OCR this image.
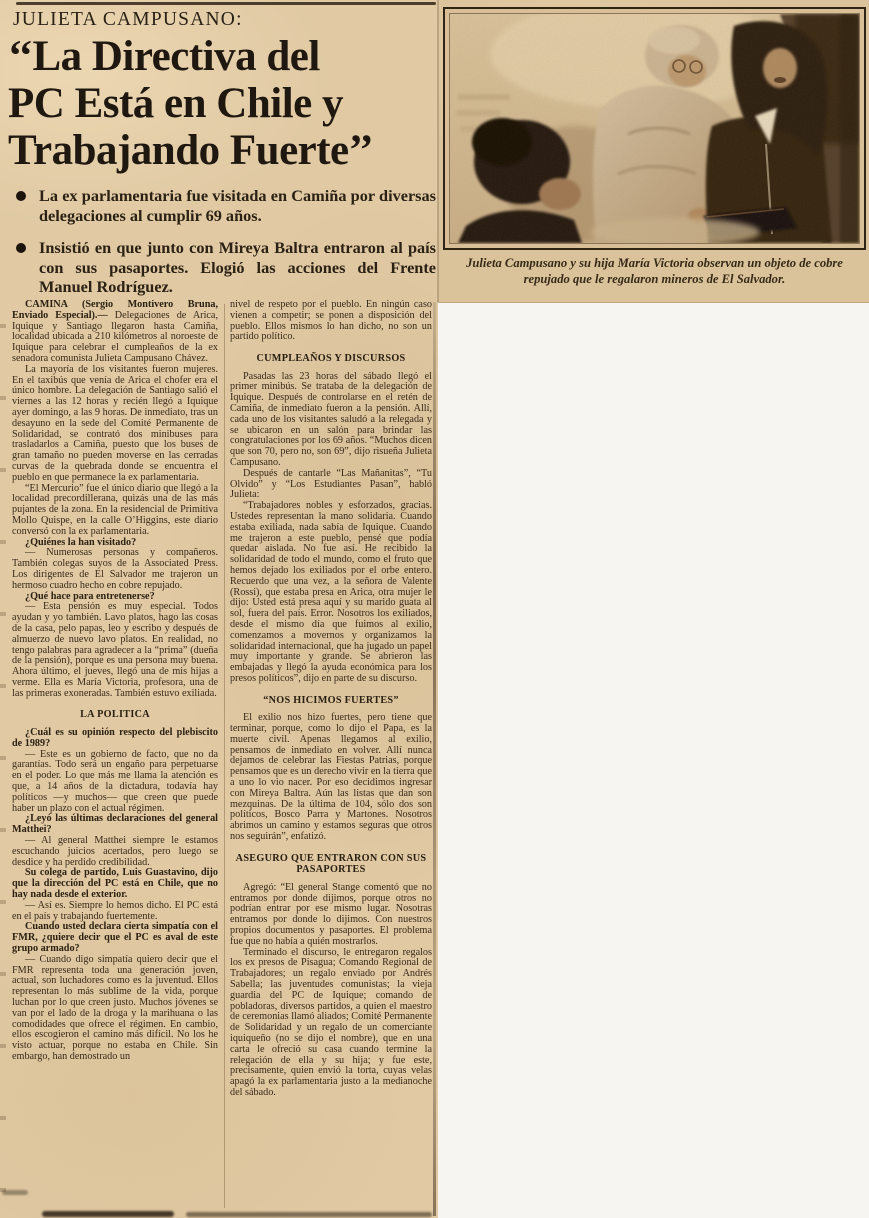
JULIETA CAMPUSANO:
‘‘La Directiva del
PC Está en Chile y
Trabajando Fuerte’’
La ex parlamentaria fue visitada en Camiña por diversas delegaciones al cumplir 69 años.
Insistió en que junto con Mireya Baltra entraron al país con sus pasaportes. Elogió las acciones del Frente Manuel Rodríguez.
Julieta Campusano y su hija María Victoria observan un objeto de cobre repujado que le regalaron mineros de El Salvador.

CAMIÑA (Sergio Montivero Bruna, Enviado Especial).— Delegaciones de Arica, Iquique y Santiago llegaron hasta Camiña, localidad ubicada a 210 kilómetros al noroeste de Iquique para celebrar el cumpleaños de la ex senadora comunista Julieta Campusano Chávez.

La mayoría de los visitantes fueron mujeres. En el taxibús que venía de Arica el chofer era el único hombre. La delegación de Santiago salió el viernes a las 12 horas y recién llegó a Iquique ayer domingo, a las 9 horas. De inmediato, tras un desayuno en la sede del Comité Permanente de Solidaridad, se contrató dos minibuses para trasladarlos a Camiña, puesto que los buses de gran tamaño no pueden moverse en las cerradas curvas de la quebrada donde se encuentra el pueblo en que permanece la ex parlamentaria.

“El Mercurio” fue el único diario que llegó a la localidad precordillerana, quizás una de las más pujantes de la zona. En la residencial de Primitiva Mollo Quispe, en la calle O’Higgins, este diario conversó con la ex parlamentaria.

¿Quiénes la han visitado?

— Numerosas personas y compañeros. También colegas suyos de la Associated Press. Los dirigentes de El Salvador me trajeron un hermoso cuadro hecho en cobre repujado.

¿Qué hace para entretenerse?

— Esta pensión es muy especial. Todos ayudan y yo también. Lavo platos, hago las cosas de la casa, pelo papas, leo y escribo y después de almuerzo de nuevo lavo platos. En realidad, no tengo palabras para agradecer a la “prima” (dueña de la pensión), porque es una persona muy buena. Ahora último, el jueves, llegó una de mis hijas a verme. Ella es María Victoria, profesora, una de las primeras exoneradas. También estuvo exiliada.

LA POLITICA

¿Cuál es su opinión respecto del plebiscito de 1989?

— Este es un gobierno de facto, que no da garantías. Todo será un engaño para perpetuarse en el poder. Lo que más me llama la atención es que, a 14 años de la dictadura, todavía hay políticos —y muchos— que creen que puede haber un plazo con el actual régimen.

¿Leyó las últimas declaraciones del general Matthei?

— Al general Matthei siempre le estamos escuchando juicios acertados, pero luego se desdice y ha perdido credibilidad.

Su colega de partido, Luis Guastavino, dijo que la dirección del PC está en Chile, que no hay nada desde el exterior.

— Así es. Siempre lo hemos dicho. El PC está en el país y trabajando fuertemente.

Cuando usted declara cierta simpatía con el FMR, ¿quiere decir que el PC es aval de este grupo armado?

— Cuando digo simpatía quiero decir que el FMR representa toda una generación joven, actual, son luchadores como es la juventud. Ellos representan lo más sublime de la vida, porque luchan por lo que creen justo. Muchos jóvenes se van por el lado de la droga y la marihuana o las comodidades que ofrece el régimen. En cambio, ellos escogieron el camino más difícil. No los he visto actuar, porque no estaba en Chile. Sin embargo, han demostrado un

nivel de respeto por el pueblo. En ningún caso vienen a competir; se ponen a disposición del pueblo. Ellos mismos lo han dicho, no son un partido político.

CUMPLEAÑOS Y DISCURSOS

Pasadas las 23 horas del sábado llegó el primer minibús. Se trataba de la delegación de Iquique. Después de controlarse en el retén de Camiña, de inmediato fueron a la pensión. Allí, cada uno de los visitantes saludó a la relegada y se ubicaron en un salón para brindar las congratulaciones por los 69 años. “Muchos dicen que son 70, pero no, son 69”, dijo risueña Julieta Campusano.

Después de cantarle “Las Mañanitas”, “Tu Olvido” y “Los Estudiantes Pasan”, habló Julieta:

“Trabajadores nobles y esforzados, gracias. Ustedes representan la mano solidaria. Cuando estaba exiliada, nada sabía de Iquique. Cuando me trajeron a este pueblo, pensé que podía quedar aislada. No fue así. He recibido la solidaridad de todo el mundo, como el fruto que hemos dejado los exiliados por el orbe entero. Recuerdo que una vez, a la señora de Valente (Rossi), que estaba presa en Arica, otra mujer le dijo: Usted está presa aquí y su marido guata al sol, fuera del país. Error. Nosotros los exiliados, desde el mismo día que fuimos al exilio, comenzamos a movernos y organizamos la solidaridad internacional, que ha jugado un papel muy importante y grande. Se abrieron las embajadas y llegó la ayuda económica para los presos políticos”, dijo en parte de su discurso.

“NOS HICIMOS FUERTES”

El exilio nos hizo fuertes, pero tiene que terminar, porque, como lo dijo el Papa, es la muerte civil. Apenas llegamos al exilio, pensamos de inmediato en volver. Allí nunca dejamos de celebrar las Fiestas Patrias, porque pensamos que es un derecho vivir en la tierra que a uno lo vio nacer. Por eso decidimos ingresar con Mireya Baltra. Aún las listas que dan son mezquinas. De la última de 104, sólo dos son políticos, Bosco Parra y Martones. Nosotros abrimos un camino y estamos seguras que otros nos seguirán”, enfatizó.

ASEGURO QUE ENTRARON CON SUS PASAPORTES

Agregó: “El general Stange comentó que no entramos por donde dijimos, porque otros no podrían entrar por ese mismo lugar. Nosotras entramos por donde lo dijimos. Con nuestros propios documentos y pasaportes. El problema fue que no había a quién mostrarlos.

Terminado el discurso, le entregaron regalos los ex presos de Pisagua; Comando Regional de Trabajadores; un regalo enviado por Andrés Sabella; las juventudes comunistas; la vieja guardia del PC de Iquique; comando de pobladoras, diversos partidos, a quien el maestro de ceremonias llamó aliados; Comité Permanente de Solidaridad y un regalo de un comerciante iquiqueño (no se dijo el nombre), que en una carta le ofreció su casa cuando termine la relegación de ella y su hija; y fue este, precisamente, quien envió la torta, cuyas velas apagó la ex parlamentaria justo a la medianoche del sábado.
